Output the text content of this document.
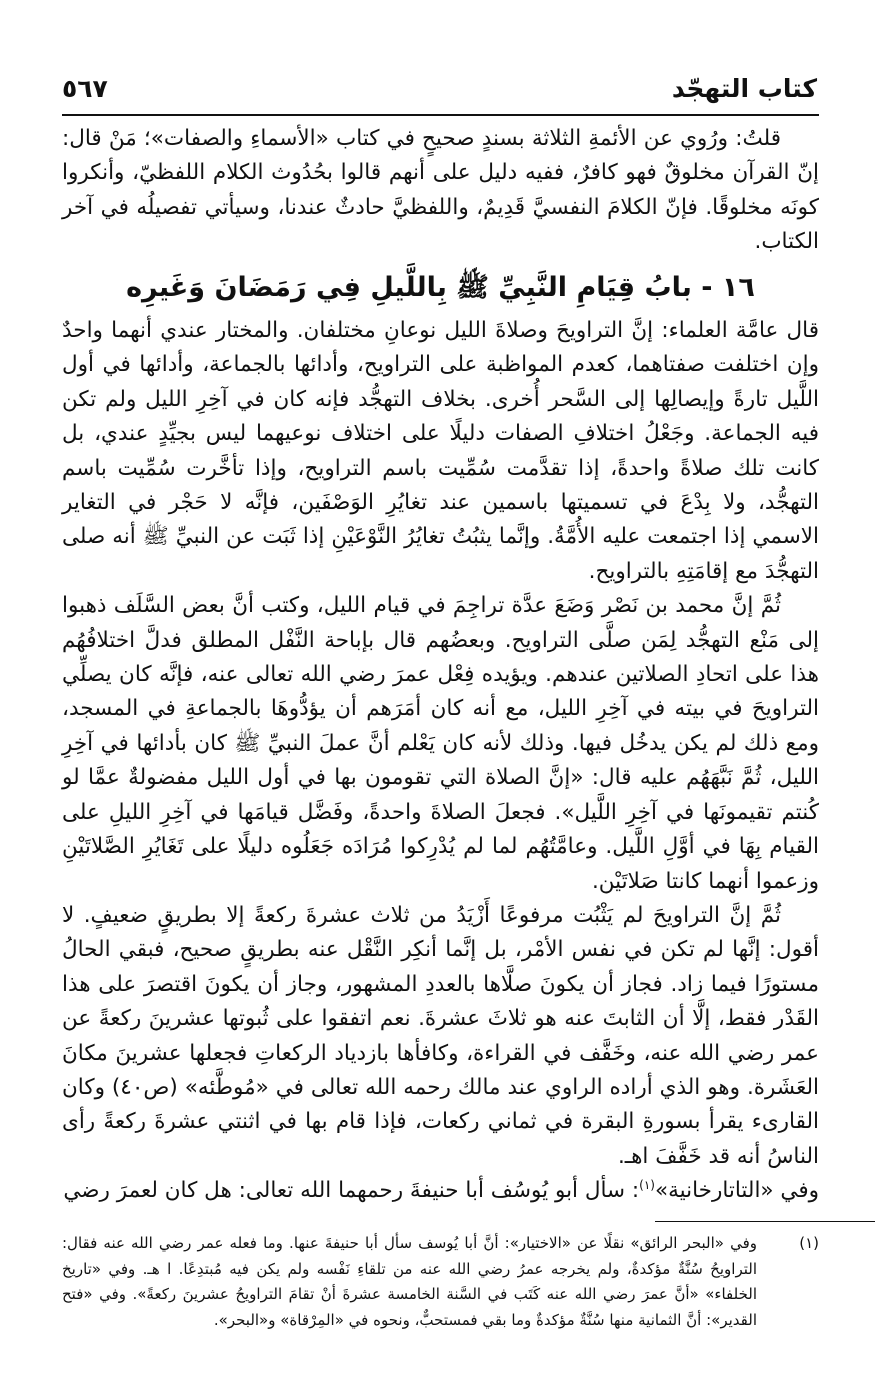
كتاب التهجّد
٥٦٧

قلتُ: ورُوي عن الأئمةِ الثلاثة بسندٍ صحيحٍ في كتاب «الأسماءِ والصفات»؛ مَنْ قال: إنّ القرآن مخلوقٌ فهو كافرٌ، ففيه دليل على أنهم قالوا بحُدُوث الكلام اللفظيّ، وأنكروا كونَه مخلوقًا. فإنّ الكلامَ النفسيَّ قَدِيمٌ، واللفظيَّ حادثٌ عندنا، وسيأتي تفصيلُه في آخر الكتاب.

١٦ - بابُ قِيَامِ النَّبِيِّ ﷺ بِاللَّيلِ فِي رَمَضَانَ وَغَيرِه

قال عامَّة العلماء: إنَّ التراويحَ وصلاةَ الليل نوعانِ مختلفان. والمختار عندي أنهما واحدٌ وإن اختلفت صفتاهما، كعدم المواظبة على التراويح، وأدائها بالجماعة، وأدائها في أول اللَّيل تارةً وإيصالِها إلى السَّحر أُخرى. بخلاف التهجُّد فإنه كان في آخِرِ الليل ولم تكن فيه الجماعة. وجَعْلُ اختلافِ الصفات دليلًا على اختلاف نوعيهما ليس بجيِّدٍ عندي، بل كانت تلك صلاةً واحدةً، إذا تقدَّمت سُمِّيت باسم التراويح، وإذا تأخَّرت سُمِّيت باسم التهجُّد، ولا بِدْعَ في تسميتها باسمين عند تغايُرِ الوَصْفَين، فإنَّه لا حَجْر في التغاير الاسمي إذا اجتمعت عليه الأُمَّةُ. وإنَّما يثبُتُ تغايُرُ النَّوْعَيْنِ إذا ثَبَت عن النبيِّ ﷺ أنه صلى التهجُّدَ مع إقامَتِهِ بالتراويح.

ثُمَّ إنَّ محمد بن نَصْر وَضَعَ عدَّة تراجِمَ في قيام الليل، وكتب أنَّ بعض السَّلَف ذهبوا إلى مَنْع التهجُّد لِمَن صلَّى التراويح. وبعضُهم قال بإباحة النَّفْل المطلق فدلَّ اختلافُهُم هذا على اتحادِ الصلاتين عندهم. ويؤيده فِعْل عمرَ رضي الله تعالى عنه، فإنَّه كان يصلِّي التراويحَ في بيته في آخِرِ الليل، مع أنه كان أمَرَهم أن يؤدُّوهَا بالجماعةِ في المسجد، ومع ذلك لم يكن يدخُل فيها. وذلك لأنه كان يَعْلم أنَّ عملَ النبيِّ ﷺ كان بأدائها في آخِرِ الليل، ثُمَّ نَبَّهَهُم عليه قال: «إنَّ الصلاة التي تقومون بها في أول الليل مفضولةٌ عمَّا لو كُنتم تقيمونَها في آخِرِ اللَّيل». فجعلَ الصلاةَ واحدةً، وفَضَّل قيامَها في آخِرِ الليلِ على القيام بِهَا في أوَّلِ اللَّيل. وعامَّتُهُم لما لم يُدْرِكوا مُرَادَه جَعَلُوه دليلًا على تَغَايُرِ الصَّلاتَيْنِ وزعموا أنهما كانتا صَلاتَيْن.

ثُمَّ إنَّ التراويحَ لم يَثْبُت مرفوعًا أَزْيَدُ من ثلاث عشرةَ ركعةً إلا بطريقٍ ضعيفٍ. لا أقول: إنَّها لم تكن في نفس الأمْر، بل إنَّما أنكِر النَّقْل عنه بطريقٍ صحيح، فبقي الحالُ مستورًا فيما زاد. فجاز أن يكونَ صلَّاها بالعددِ المشهور، وجاز أن يكونَ اقتصرَ على هذا القَدْر فقط، إلَّا أن الثابتَ عنه هو ثلاثَ عشرةَ. نعم اتفقوا على ثُبوتها عشرينَ ركعةً عن عمر رضي الله عنه، وخَفَّف في القراءة، وكافأها بازدياد الركعاتِ فجعلها عشرينَ مكانَ العَشَرة. وهو الذي أراده الراوي عند مالك رحمه الله تعالى في «مُوطَّئه» (ص٤٠) وكان القارىء يقرأ بسورةِ البقرة في ثماني ركعات، فإذا قام بها في اثنتي عشرةَ ركعةً رأى الناسُ أنه قد خَفَّفَ اهـ.

وفي «التاتارخانية»$^{(١)}$: سأل أبو يُوسُف أبا حنيفةَ رحمهما الله تعالى: هل كان لعمرَ رضي

(١)
وفي «البحر الرائق» نقلًا عن «الاختيار»: أنَّ أبا يُوسف سأل أبا حنيفةَ عنها. وما فعله عمر رضي الله عنه فقال: التراويحُ سُنَّةٌ مؤكدةٌ، ولم يخرجه عمرُ رضي الله عنه من تلقاءِ نَفْسه ولم يكن فيه مُبتدِعًا. ا هـ. وفي «تاريخ الخلفاء» «أنَّ عمرَ رضي الله عنه كَتَب في السَّنة الخامسة عشرةَ أنْ تقامَ التراويحُ عشرينَ ركعةً». وفي «فتح القدير»: أنَّ الثمانية منها سُنَّةٌ مؤكدةٌ وما بقي فمستحبٌّ، ونحوه في «المِرْقاة» و«البحر».
